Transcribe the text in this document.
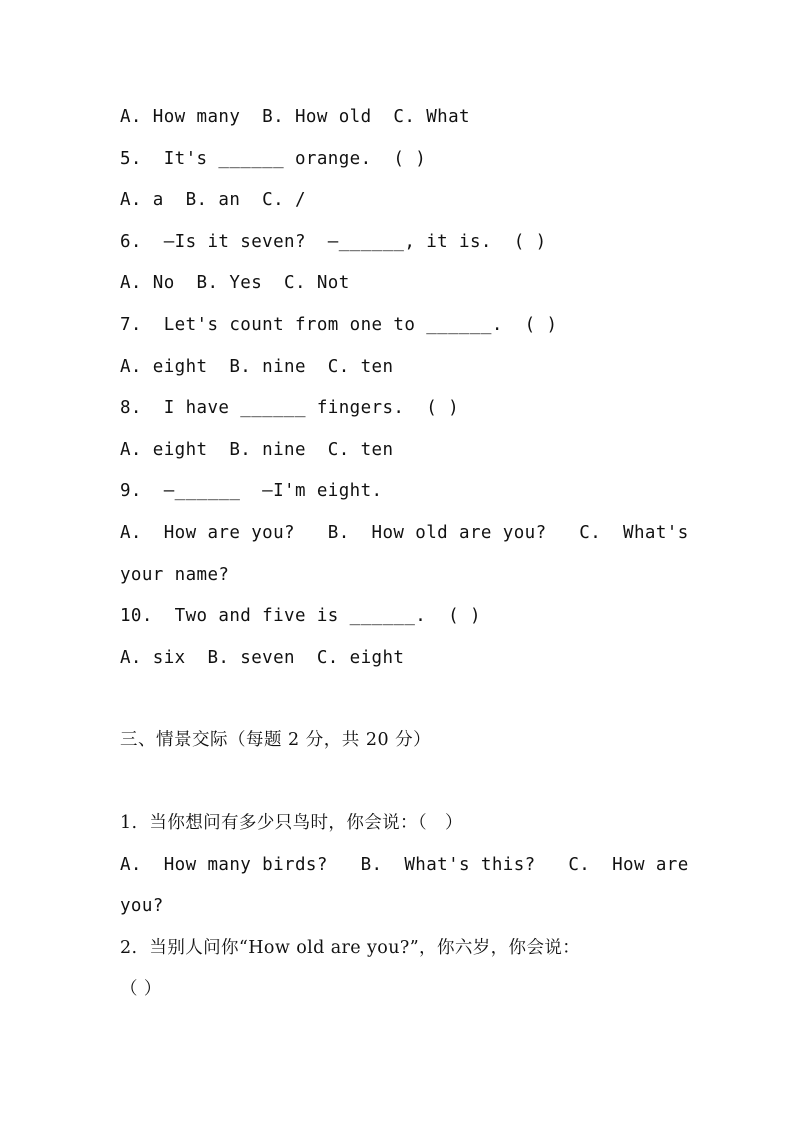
A. How many  B. How old  C. What
5.  It's ______ orange.  ( )
A. a  B. an  C. /
6.  —Is it seven?  —______, it is.  ( )
A. No  B. Yes  C. Not
7.  Let's count from one to ______.  ( )
A. eight  B. nine  C. ten
8.  I have ______ fingers.  ( )
A. eight  B. nine  C. ten
9.  —______  —I'm eight.
A.  How are you?   B.  How old are you?   C.  What's
your name?
10.  Two and five is ______.  ( )
A. six  B. seven  C. eight
三、情景交际（每题 2 分，共 20 分）
1.  当你想问有多少只鸟时，你会说：（   ）
A.  How many birds?   B.  What's this?   C.  How are
you?
2.  当别人问你“How old are you?”，你六岁，你会说：
（ ）
